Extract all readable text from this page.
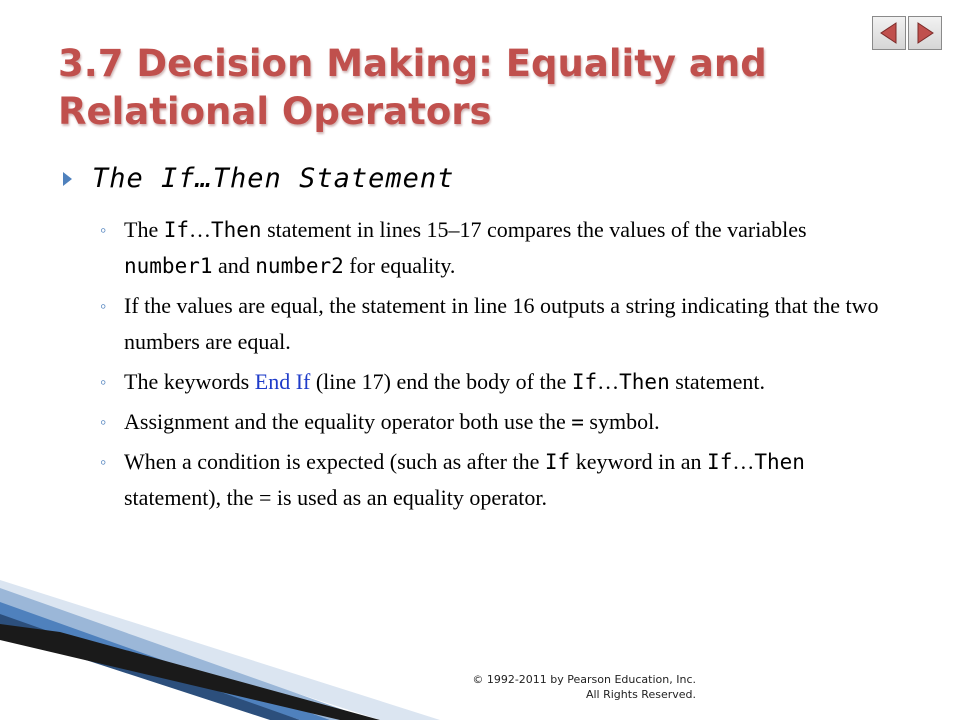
3.7 Decision Making: Equality and
Relational Operators
The If…Then Statement
◦ The If…Then statement in lines 15–17 compares the values of the variables number1 and number2 for equality.
◦ If the values are equal, the statement in line 16 outputs a string indicating that the two numbers are equal.
◦ The keywords End If (line 17) end the body of the If…Then statement.
◦ Assignment and the equality operator both use the = symbol.
◦ When a condition is expected (such as after the If keyword in an If…Then statement), the = is used as an equality operator.
© 1992-2011 by Pearson Education, Inc.
All Rights Reserved.
